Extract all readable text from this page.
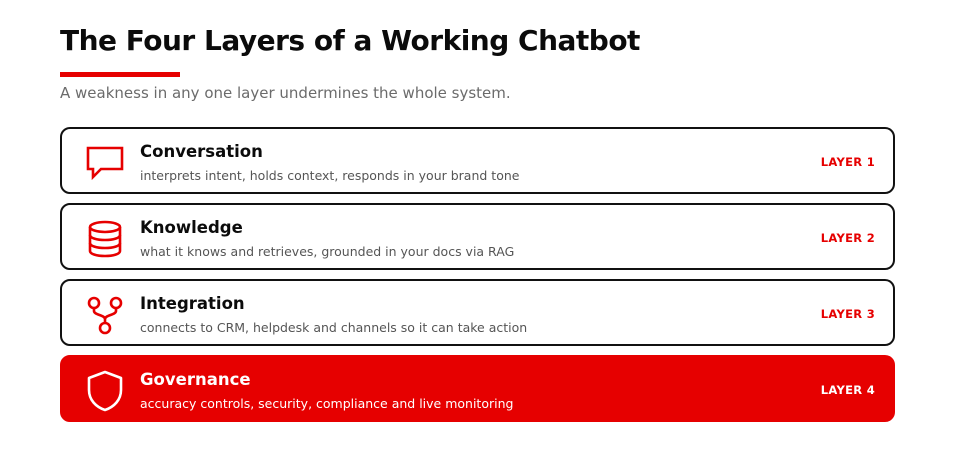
The Four Layers of a Working Chatbot

A weakness in any one layer undermines the whole system.

Conversation
interprets intent, holds context, responds in your brand tone
LAYER 1
Knowledge
what it knows and retrieves, grounded in your docs via RAG
LAYER 2
Integration
connects to CRM, helpdesk and channels so it can take action
LAYER 3
Governance
accuracy controls, security, compliance and live monitoring
LAYER 4
